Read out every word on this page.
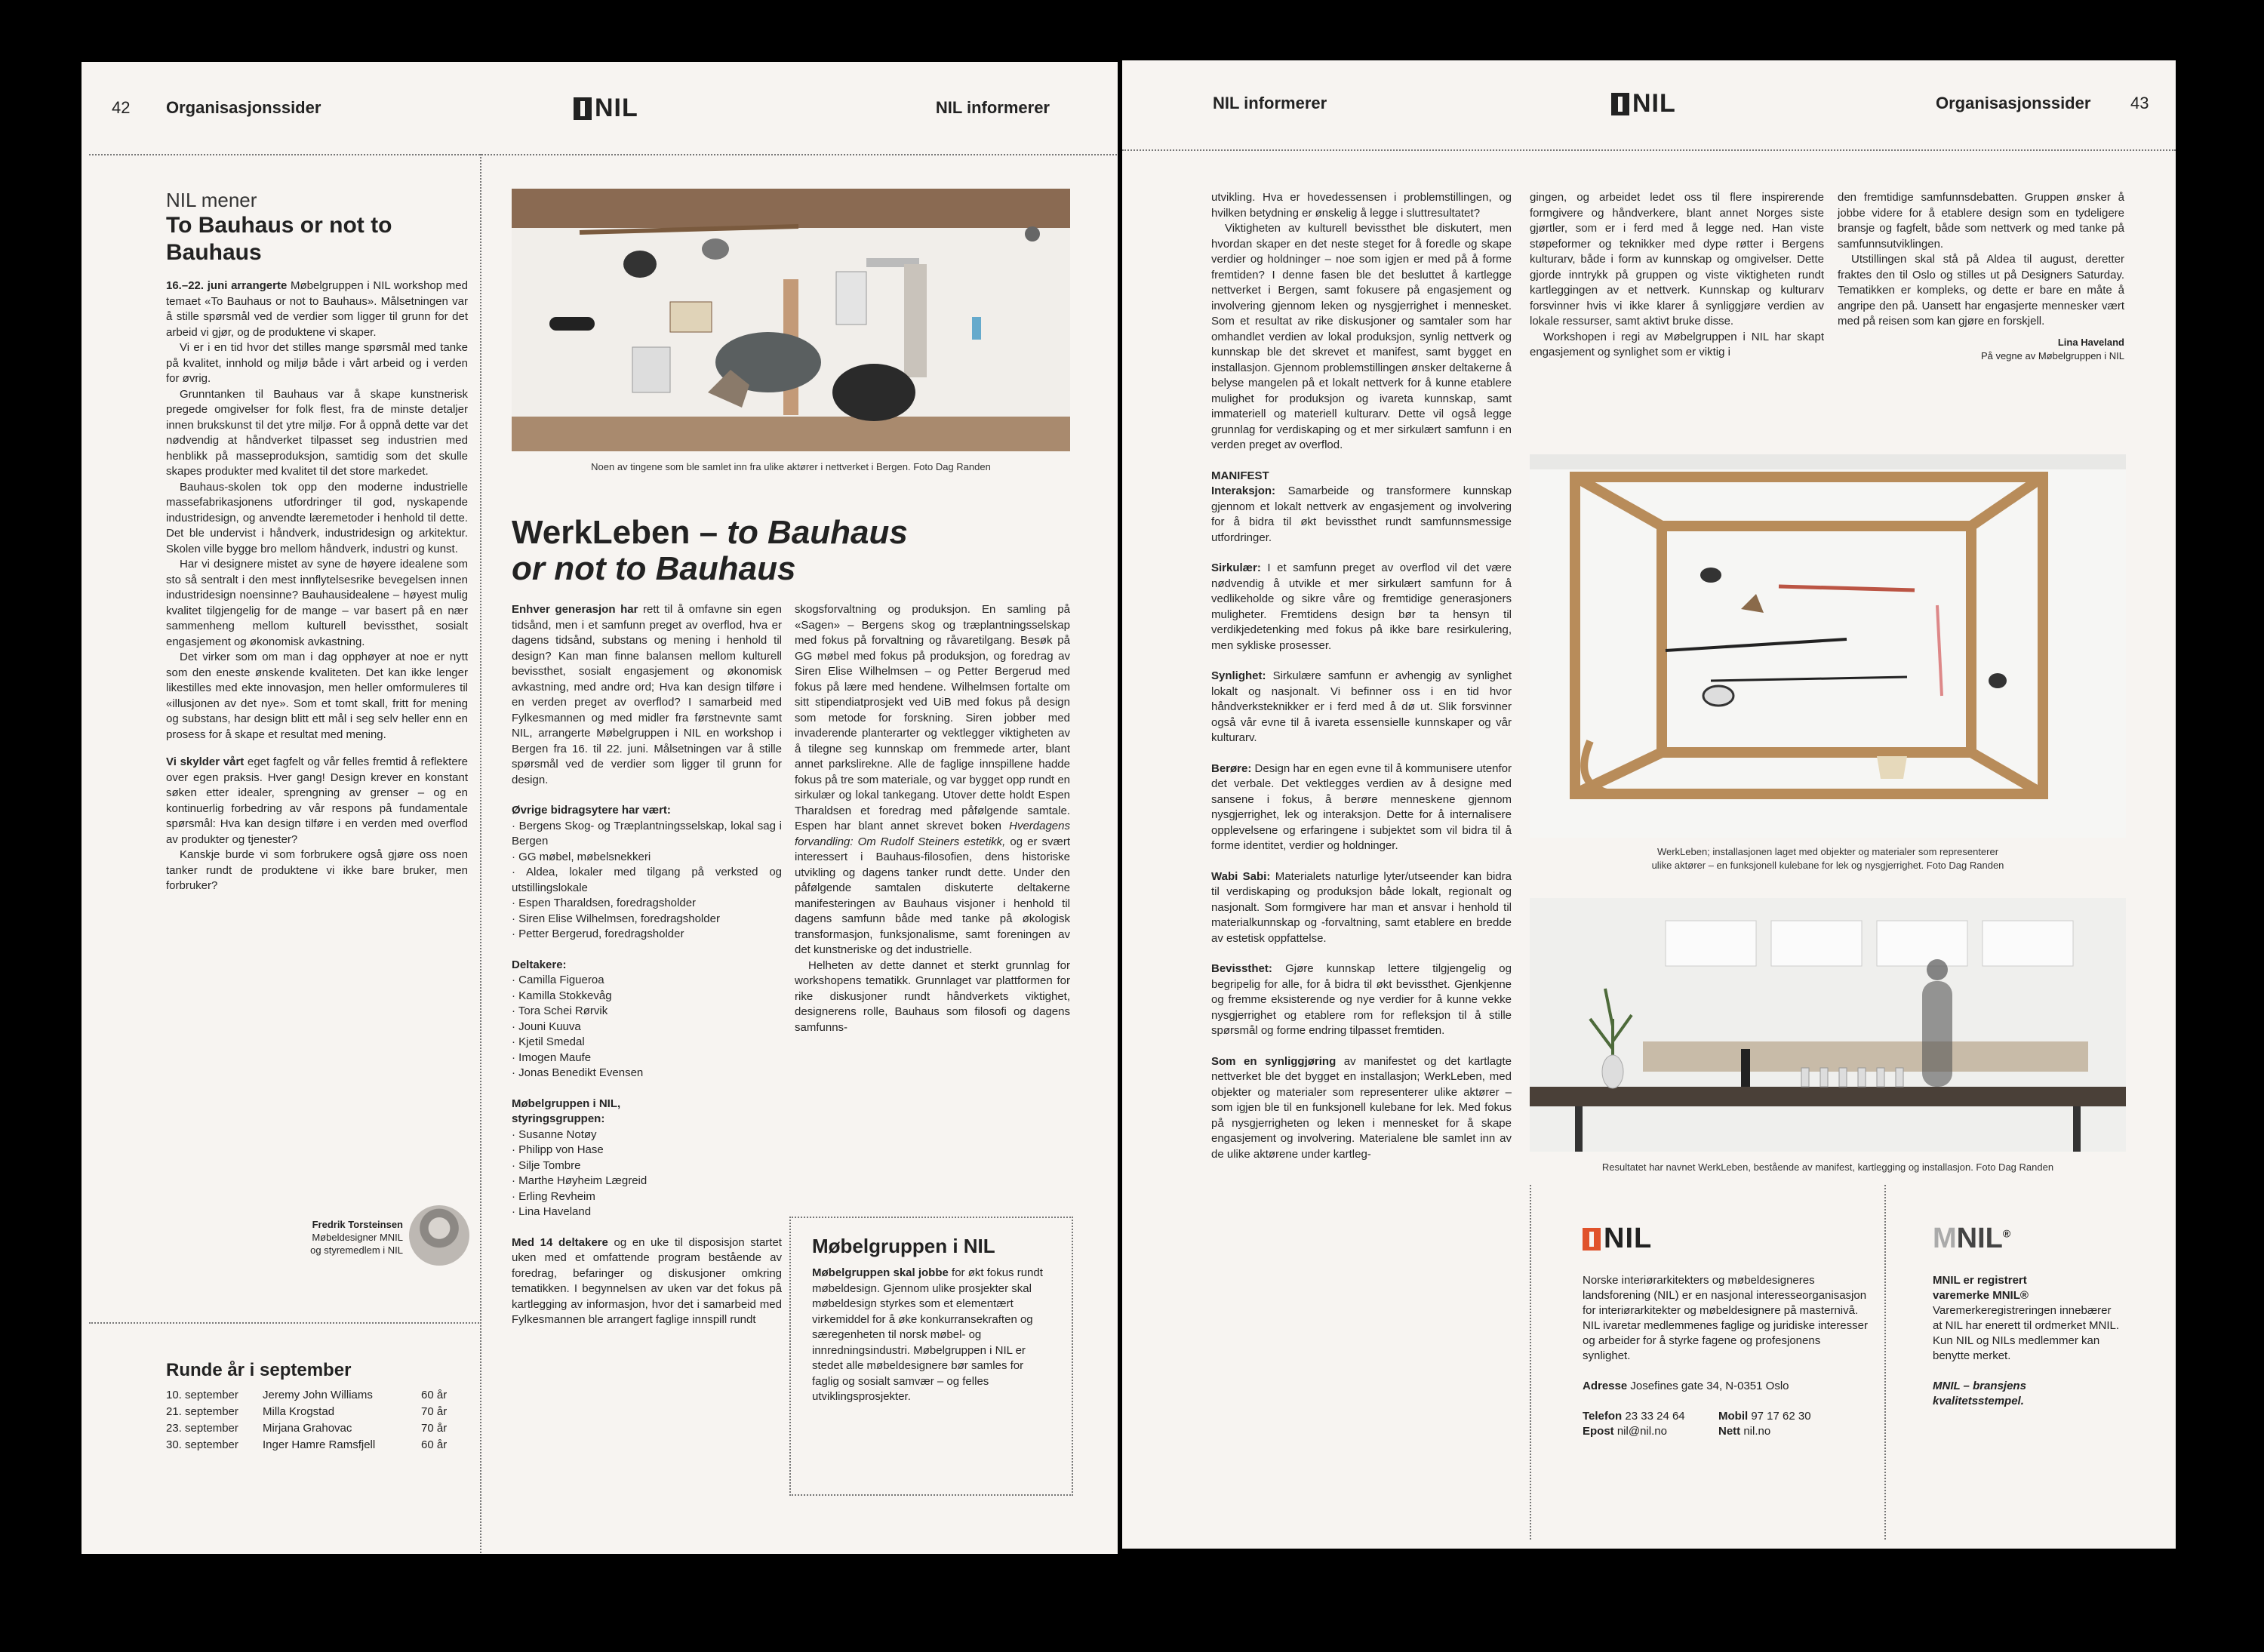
42 Organisasjonssider	NIL	NIL informerer
NIL mener
To Bauhaus or not to Bauhaus

16.–22. juni arrangerte Møbelgruppen i NIL workshop med temaet «To Bauhaus or not to Bauhaus». Målsetningen var å stille spørsmål ved de verdier som ligger til grunn for det arbeid vi gjør, og de produktene vi skaper.

Vi er i en tid hvor det stilles mange spørsmål med tanke på kvalitet, innhold og miljø både i vårt arbeid og i verden for øvrig.

Grunntanken til Bauhaus var å skape kunstnerisk pregede omgivelser for folk flest, fra de minste detaljer innen brukskunst til det ytre miljø. For å oppnå dette var det nødvendig at håndverket tilpasset seg industrien med henblikk på masseproduksjon, samtidig som det skulle skapes produkter med kvalitet til det store markedet.

Bauhaus-skolen tok opp den moderne industrielle massefabrikasjonens utfordringer til god, nyskapende industridesign, og anvendte læremetoder i henhold til dette. Det ble undervist i håndverk, industridesign og arkitektur. Skolen ville bygge bro mellom håndverk, industri og kunst.

Har vi designere mistet av syne de høyere idealene som sto så sentralt i den mest innflytelsesrike bevegelsen innen industridesign noensinne? Bauhausidealene – høyest mulig kvalitet tilgjengelig for de mange – var basert på en nær sammenheng mellom kulturell bevissthet, sosialt engasjement og økonomisk avkastning.

Det virker som om man i dag opphøyer at noe er nytt som den eneste ønskende kvaliteten. Det kan ikke lenger likestilles med ekte innovasjon, men heller omformuleres til «illusjonen av det nye». Som et tomt skall, fritt for mening og substans, har design blitt ett mål i seg selv heller enn en prosess for å skape et resultat med mening.

Vi skylder vårt eget fagfelt og vår felles fremtid å reflektere over egen praksis. Hver gang! Design krever en konstant søken etter idealer, sprengning av grenser – og en kontinuerlig forbedring av vår respons på fundamentale spørsmål: Hva kan design tilføre i en verden med overflod av produkter og tjenester?

Kanskje burde vi som forbrukere også gjøre oss noen tanker rundt de produktene vi ikke bare bruker, men forbruker?

Fredrik Torsteinsen
Møbeldesigner MNIL
og styremedlem i NIL
Runde år i september
10. september	Jeremy John Williams	60 år
21. september	Milla Krogstad	70 år
23. september	Mirjana Grahovac	70 år
30. september	Inger Hamre Ramsfjell	60 år
Noen av tingene som ble samlet inn fra ulike aktører i nettverket i Bergen. Foto Dag Randen
WerkLeben – to Bauhaus
or not to Bauhaus

Enhver generasjon har rett til å omfavne sin egen tidsånd, men i et samfunn preget av overflod, hva er dagens tidsånd, substans og mening i henhold til design? Kan man finne balansen mellom kulturell bevissthet, sosialt engasjement og økonomisk avkastning, med andre ord; Hva kan design tilføre i en verden preget av overflod? I samarbeid med Fylkesmannen og med midler fra førstnevnte samt NIL, arrangerte Møbelgruppen i NIL en workshop i Bergen fra 16. til 22. juni. Målsetningen var å stille spørsmål ved de verdier som ligger til grunn for design.

Øvrige bidragsytere har vært:
· Bergens Skog- og Træplantningsselskap, lokal sag i Bergen
· GG møbel, møbelsnekkeri
· Aldea, lokaler med tilgang på verksted og utstillingslokale
· Espen Tharaldsen, foredragsholder
· Siren Elise Wilhelmsen, foredragsholder
· Petter Bergerud, foredragsholder
Deltakere:
· Camilla Figueroa
· Kamilla Stokkevåg
· Tora Schei Rørvik
· Jouni Kuuva
· Kjetil Smedal
· Imogen Maufe
· Jonas Benedikt Evensen
Møbelgruppen i NIL,
styringsgruppen:
· Susanne Notøy
· Philipp von Hase
· Silje Tombre
· Marthe Høyheim Lægreid
· Erling Revheim
· Lina Haveland

Med 14 deltakere og en uke til disposisjon startet uken med et omfattende program bestående av foredrag, befaringer og diskusjoner omkring tematikken. I begynnelsen av uken var det fokus på kartlegging av informasjon, hvor det i samarbeid med Fylkesmannen ble arrangert faglige innspill rundt

skogsforvaltning og produksjon. En samling på «Sagen» – Bergens skog og træplantningsselskap med fokus på forvaltning og råvaretilgang. Besøk på GG møbel med fokus på produksjon, og foredrag av Siren Elise Wilhelmsen – og Petter Bergerud med fokus på lære med hendene. Wilhelmsen fortalte om sitt stipendiatprosjekt ved UiB med fokus på design som metode for forskning. Siren jobber med invaderende planterarter og vektlegger viktigheten av å tilegne seg kunnskap om fremmede arter, blant annet parkslirekne. Alle de faglige innspillene hadde fokus på tre som materiale, og var bygget opp rundt en sirkulær og lokal tankegang. Utover dette holdt Espen Tharaldsen et foredrag med påfølgende samtale. Espen har blant annet skrevet boken Hverdagens forvandling: Om Rudolf Steiners estetikk, og er svært interessert i Bauhaus-filosofien, dens historiske utvikling og dagens tanker rundt dette. Under den påfølgende samtalen diskuterte deltakerne manifesteringen av Bauhaus visjoner i henhold til dagens samfunn både med tanke på økologisk transformasjon, funksjonalisme, samt foreningen av det kunstneriske og det industrielle.

Helheten av dette dannet et sterkt grunnlag for workshopens tematikk. Grunnlaget var plattformen for rike diskusjoner rundt håndverkets viktighet, designerens rolle, Bauhaus som filosofi og dagens samfunns-

Møbelgruppen i NIL
Møbelgruppen skal jobbe for økt fokus rundt møbeldesign. Gjennom ulike prosjekter skal møbeldesign styrkes som et elementært virkemiddel for å øke konkurransekraften og særegenheten til norsk møbel- og innredningsindustri. Møbelgruppen i NIL er stedet alle møbeldesignere bør samles for faglig og sosialt samvær – og felles utviklingsprosjekter.
NIL informerer	NIL	Organisasjonssider 43

utvikling. Hva er hovedessensen i problemstillingen, og hvilken betydning er ønskelig å legge i sluttresultatet?

Viktigheten av kulturell bevissthet ble diskutert, men hvordan skaper en det neste steget for å foredle og skape verdier og holdninger – noe som igjen er med på å forme fremtiden? I denne fasen ble det besluttet å kartlegge nettverket i Bergen, samt fokusere på engasjement og involvering gjennom leken og nysgjerrighet i mennesket. Som et resultat av rike diskusjoner og samtaler som har omhandlet verdien av lokal produksjon, synlig nettverk og kunnskap ble det skrevet et manifest, samt bygget en installasjon. Gjennom problemstillingen ønsker deltakerne å belyse mangelen på et lokalt nettverk for å kunne etablere mulighet for produksjon og ivareta kunnskap, samt immateriell og materiell kulturarv. Dette vil også legge grunnlag for verdiskaping og et mer sirkulært samfunn i en verden preget av overflod.

MANIFEST

Interaksjon: Samarbeide og transformere kunnskap gjennom et lokalt nettverk av engasjement og involvering for å bidra til økt bevissthet rundt samfunnsmessige utfordringer.

Sirkulær: I et samfunn preget av overflod vil det være nødvendig å utvikle et mer sirkulært samfunn for å vedlikeholde og sikre våre og fremtidige generasjoners muligheter. Fremtidens design bør ta hensyn til verdikjedetenking med fokus på ikke bare resirkulering, men sykliske prosesser.

Synlighet: Sirkulære samfunn er avhengig av synlighet lokalt og nasjonalt. Vi befinner oss i en tid hvor håndverksteknikker er i ferd med å dø ut. Slik forsvinner også vår evne til å ivareta essensielle kunnskaper og vår kulturarv.

Berøre: Design har en egen evne til å kommunisere utenfor det verbale. Det vektlegges verdien av å designe med sansene i fokus, å berøre menneskene gjennom nysgjerrighet, lek og interaksjon. Dette for å internalisere opplevelsene og erfaringene i subjektet som vil bidra til å forme identitet, verdier og holdninger.

Wabi Sabi: Materialets naturlige lyter/utseender kan bidra til verdiskaping og produksjon både lokalt, regionalt og nasjonalt. Som formgivere har man et ansvar i henhold til materialkunnskap og -forvaltning, samt etablere en bredde av estetisk oppfattelse.

Bevissthet: Gjøre kunnskap lettere tilgjengelig og begripelig for alle, for å bidra til økt bevissthet. Gjenkjenne og fremme eksisterende og nye verdier for å kunne vekke nysgjerrighet og etablere rom for refleksjon til å stille spørsmål og forme endring tilpasset fremtiden.

Som en synliggjøring av manifestet og det kartlagte nettverket ble det bygget en installasjon; WerkLeben, med objekter og materialer som representerer ulike aktører – som igjen ble til en funksjonell kulebane for lek. Med fokus på nysgjerrigheten og leken i mennesket for å skape engasjement og involvering. Materialene ble samlet inn av de ulike aktørene under kartleg-

gingen, og arbeidet ledet oss til flere inspirerende formgivere og håndverkere, blant annet Norges siste gjørtler, som er i ferd med å legge ned. Han viste støpeformer og teknikker med dype røtter i Bergens kulturarv, både i form av kunnskap og omgivelser. Dette gjorde inntrykk på gruppen og viste viktigheten rundt kartleggingen av et nettverk. Kunnskap og kulturarv forsvinner hvis vi ikke klarer å synliggjøre verdien av lokale ressurser, samt aktivt bruke disse.

Workshopen i regi av Møbelgruppen i NIL har skapt engasjement og synlighet som er viktig i

den fremtidige samfunnsdebatten. Gruppen ønsker å jobbe videre for å etablere design som en tydeligere bransje og fagfelt, både som nettverk og med tanke på samfunnsutviklingen.

Utstillingen skal stå på Aldea til august, deretter fraktes den til Oslo og stilles ut på Designers Saturday. Tematikken er kompleks, og dette er bare en måte å angripe den på. Uansett har engasjerte mennesker vært med på reisen som kan gjøre en forskjell.

Lina Haveland
På vegne av Møbelgruppen i NIL
WerkLeben; installasjonen laget med objekter og materialer som representerer
ulike aktører – en funksjonell kulebane for lek og nysgjerrighet. Foto Dag Randen
Resultatet har navnet WerkLeben, bestående av manifest, kartlegging og installasjon. Foto Dag Randen
NIL
Norske interiørarkitekters og møbeldesigneres landsforening (NIL) er en nasjonal interesseorganisasjon for interiørarkitekter og møbeldesignere på masternivå. NIL ivaretar medlemmenes faglige og juridiske interesser og arbeider for å styrke fagene og profesjonens synlighet.
Adresse Josefines gate 34, N-0351 Oslo
Telefon 23 33 24 64	Mobil 97 17 62 30
Epost nil@nil.no	Nett nil.no
MNIL®
MNIL er registrert
varemerke MNIL®
Varemerkeregistreringen innebærer at NIL har enerett til ordmerket MNIL. Kun NIL og NILs medlemmer kan benytte merket.
MNIL – bransjens
kvalitetsstempel.
